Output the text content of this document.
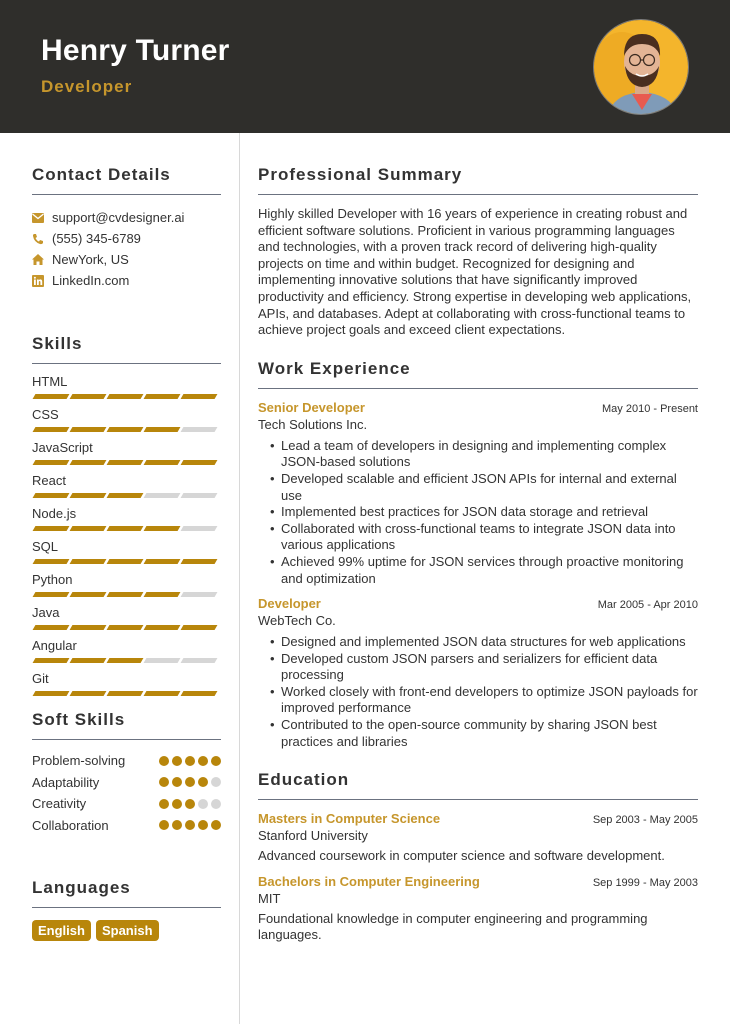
Henry Turner
Developer
Contact Details
support@cvdesigner.ai
(555) 345-6789
NewYork, US
LinkedIn.com
Skills
HTML
CSS
JavaScript
React
Node.js
SQL
Python
Java
Angular
Git
Soft Skills
Problem-solving
Adaptability
Creativity
Collaboration
Languages
English	Spanish
Professional Summary

Highly skilled Developer with 16 years of experience in creating robust and efficient software solutions. Proficient in various programming languages and technologies, with a proven track record of delivering high-quality projects on time and within budget. Recognized for designing and implementing innovative solutions that have significantly improved productivity and efficiency. Strong expertise in developing web applications, APIs, and databases. Adept at collaborating with cross-functional teams to achieve project goals and exceed client expectations.

Work Experience
Senior Developer	May 2010 - Present
Tech Solutions Inc.
• Lead a team of developers in designing and implementing complex JSON-based solutions
• Developed scalable and efficient JSON APIs for internal and external use
• Implemented best practices for JSON data storage and retrieval
• Collaborated with cross-functional teams to integrate JSON data into various applications
• Achieved 99% uptime for JSON services through proactive monitoring and optimization
Developer	Mar 2005 - Apr 2010
WebTech Co.
• Designed and implemented JSON data structures for web applications
• Developed custom JSON parsers and serializers for efficient data processing
• Worked closely with front-end developers to optimize JSON payloads for improved performance
• Contributed to the open-source community by sharing JSON best practices and libraries
Education
Masters in Computer Science	Sep 2003 - May 2005
Stanford University
Advanced coursework in computer science and software development.
Bachelors in Computer Engineering	Sep 1999 - May 2003
MIT
Foundational knowledge in computer engineering and programming languages.
